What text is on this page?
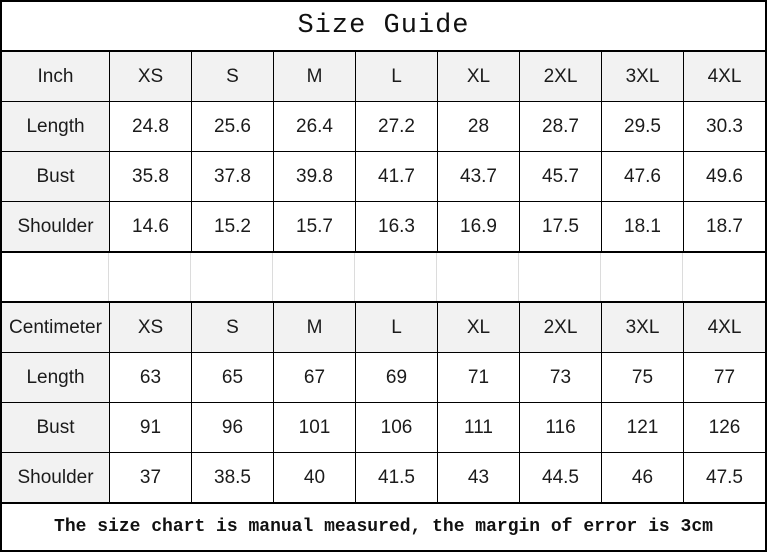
Size Guide
Inch	XS	S	M	L	XL	2XL	3XL	4XL
Length	24.8	25.6	26.4	27.2	28	28.7	29.5	30.3
Bust	35.8	37.8	39.8	41.7	43.7	45.7	47.6	49.6
Shoulder	14.6	15.2	15.7	16.3	16.9	17.5	18.1	18.7
Centimeter	XS	S	M	L	XL	2XL	3XL	4XL
Length	63	65	67	69	71	73	75	77
Bust	91	96	101	106	111	116	121	126
Shoulder	37	38.5	40	41.5	43	44.5	46	47.5
The size chart is manual measured, the margin of error is 3cm
